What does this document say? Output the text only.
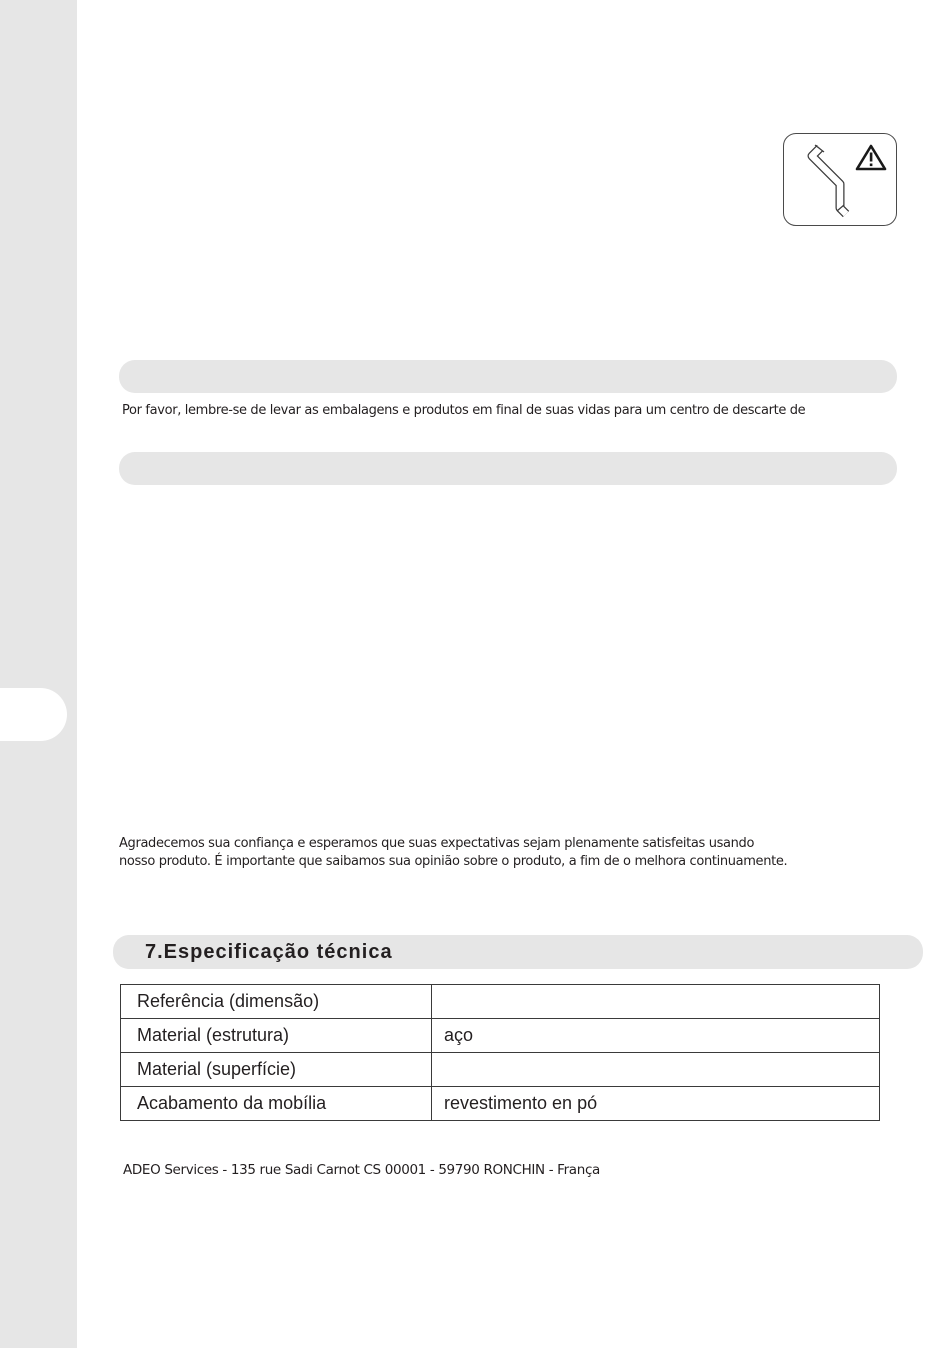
Por favor, lembre-se de levar as embalagens e produtos em final de suas vidas para um centro de descarte de
Agradecemos sua confiança e esperamos que suas expectativas sejam plenamente satisfeitas usando
nosso produto. É importante que saibamos sua opinião sobre o produto, a fim de o melhora continuamente.
7.Especificação técnica
Referência (dimensão)	
Material (estrutura)	aço
Material (superfície)	
Acabamento da mobília	revestimento en pó
ADEO Services - 135 rue Sadi Carnot CS 00001 - 59790 RONCHIN - França
